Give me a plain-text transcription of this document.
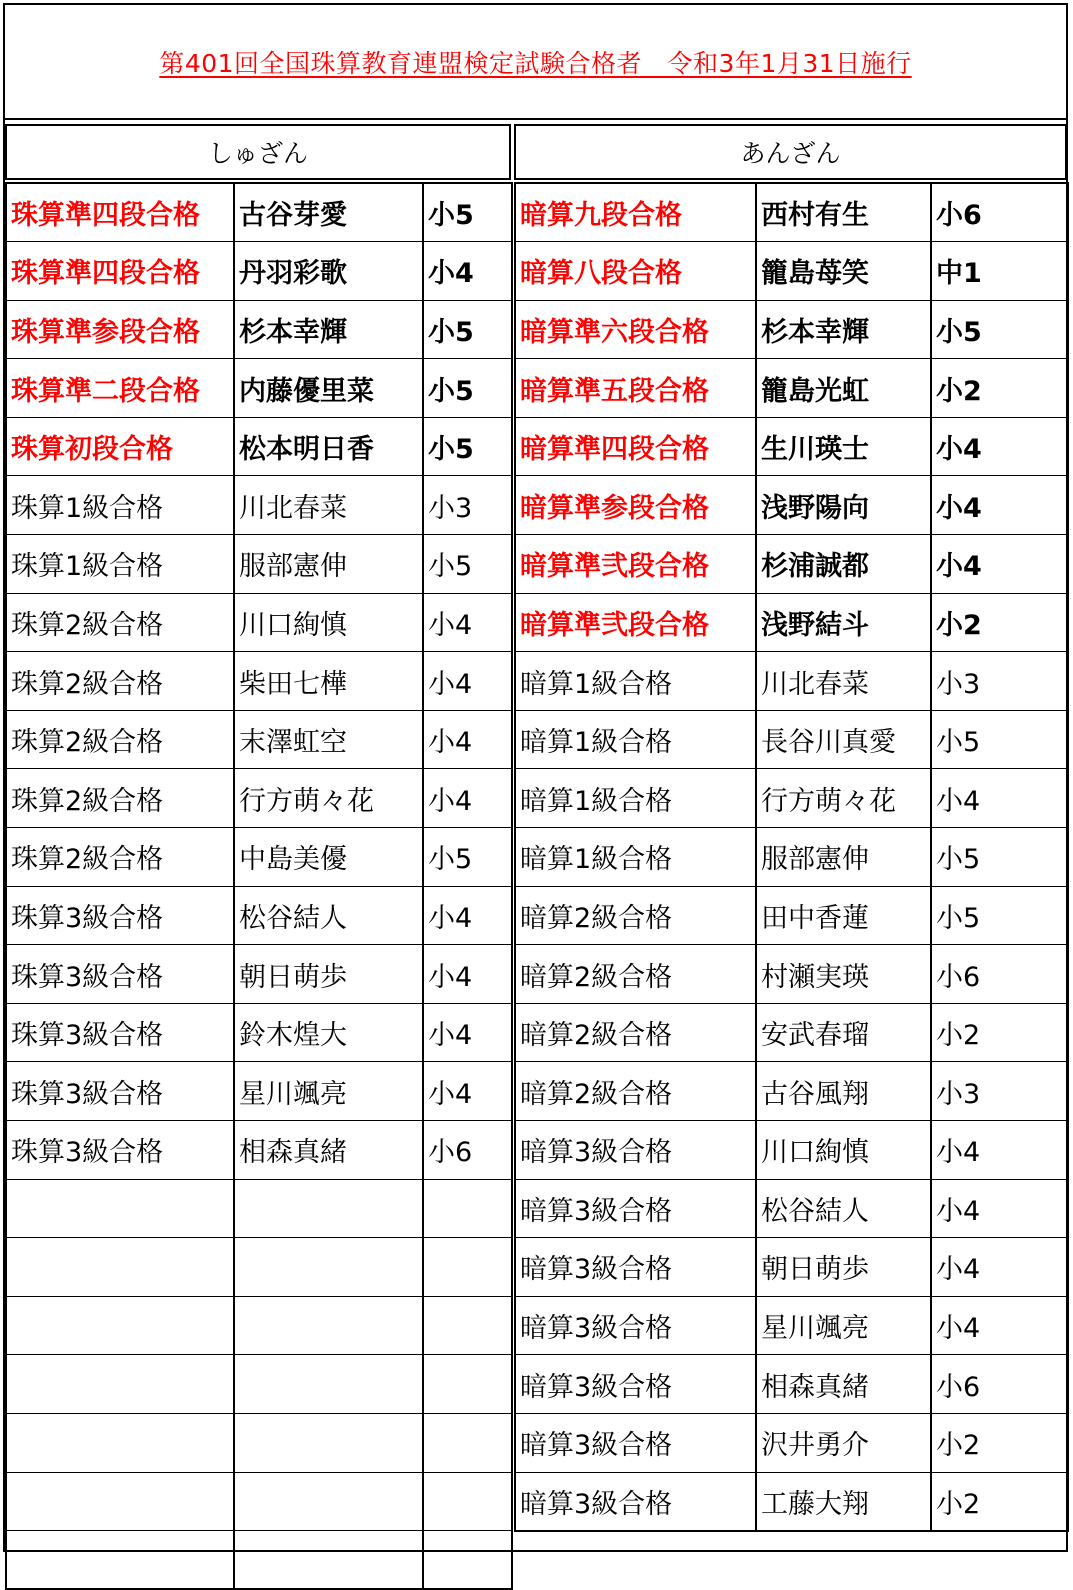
第401回全国珠算教育連盟検定試験合格者　令和3年1月31日施行
しゅざん
珠算準四段合格	古谷芽愛	小5
珠算準四段合格	丹羽彩歌	小4
珠算準参段合格	杉本幸輝	小5
珠算準二段合格	内藤優里菜	小5
珠算初段合格	松本明日香	小5
珠算1級合格	川北春菜	小3
珠算1級合格	服部憲伸	小5
珠算2級合格	川口絢慎	小4
珠算2級合格	柴田七樺	小4
珠算2級合格	末澤虹空	小4
珠算2級合格	行方萌々花	小4
珠算2級合格	中島美優	小5
珠算3級合格	松谷結人	小4
珠算3級合格	朝日萌歩	小4
珠算3級合格	鈴木煌大	小4
珠算3級合格	星川颯亮	小4
珠算3級合格	相森真緒	小6

あんざん
暗算九段合格	西村有生	小6
暗算八段合格	籠島苺笑	中1
暗算準六段合格	杉本幸輝	小5
暗算準五段合格	籠島光虹	小2
暗算準四段合格	生川瑛士	小4
暗算準参段合格	浅野陽向	小4
暗算準弐段合格	杉浦誠都	小4
暗算準弐段合格	浅野結斗	小2
暗算1級合格	川北春菜	小3
暗算1級合格	長谷川真愛	小5
暗算1級合格	行方萌々花	小4
暗算1級合格	服部憲伸	小5
暗算2級合格	田中香蓮	小5
暗算2級合格	村瀬実瑛	小6
暗算2級合格	安武春瑠	小2
暗算2級合格	古谷風翔	小3
暗算3級合格	川口絢慎	小4
暗算3級合格	松谷結人	小4
暗算3級合格	朝日萌歩	小4
暗算3級合格	星川颯亮	小4
暗算3級合格	相森真緒	小6
暗算3級合格	沢井勇介	小2
暗算3級合格	工藤大翔	小2
